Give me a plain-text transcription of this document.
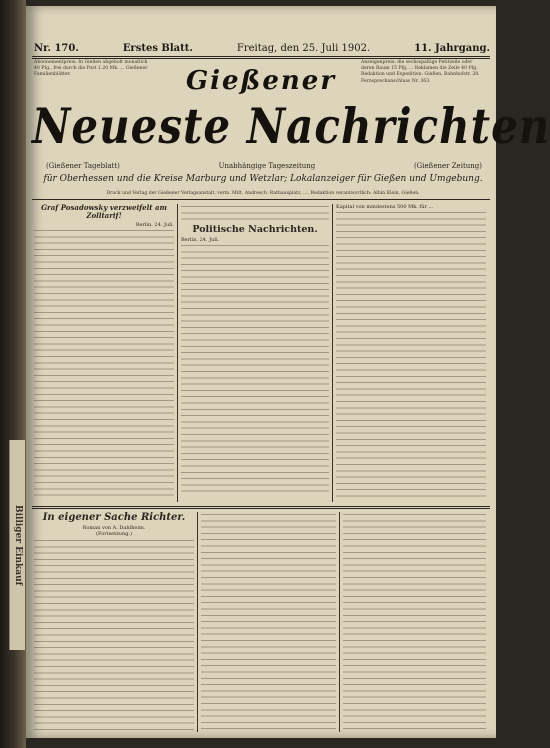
Billiger Einkauf
Nr. 170.	Erstes Blatt.	Freitag, den 25. Juli 1902.	11. Jahrgang.
Abonnementpreis: In Gießen abgeholt monatlich 40 Pfg., frei durch die Post 1.20 Mk. ... Gießener Familienblätter.
Anzeigenpreis: die sechsspaltige Petitzeile oder deren Raum 15 Pfg. ... Reklamen die Zeile 40 Pfg. Redaktion und Expedition: Gießen, Bahnhofstr. 28. Fernsprechanschluss Nr. 363.
Gießener
Neueste Nachrichten
(Gießener Tageblatt)	Unabhängige Tageszeitung	(Gießener Zeitung)
für Oberhessen und die Kreise Marburg und Wetzlar; Lokalanzeiger für Gießen und Umgebung.
Druck und Verlag der Gießener Verlagsanstalt, verm. Mitt. Andresch. Rathausplatz, ..., Redaktion verantwortlich: Albin Klein, Gießen.
Graf Posadowsky verzweifelt am Zolltarif!
Berlin, 24. Juli.	Politische Nachrichten.
Berlin, 24. Juli.
Kapital von mindestens 500 Mk. für ...
In eigener Sache Richter.
Roman von A. Dahlheim.
(Fortsetzung.)
